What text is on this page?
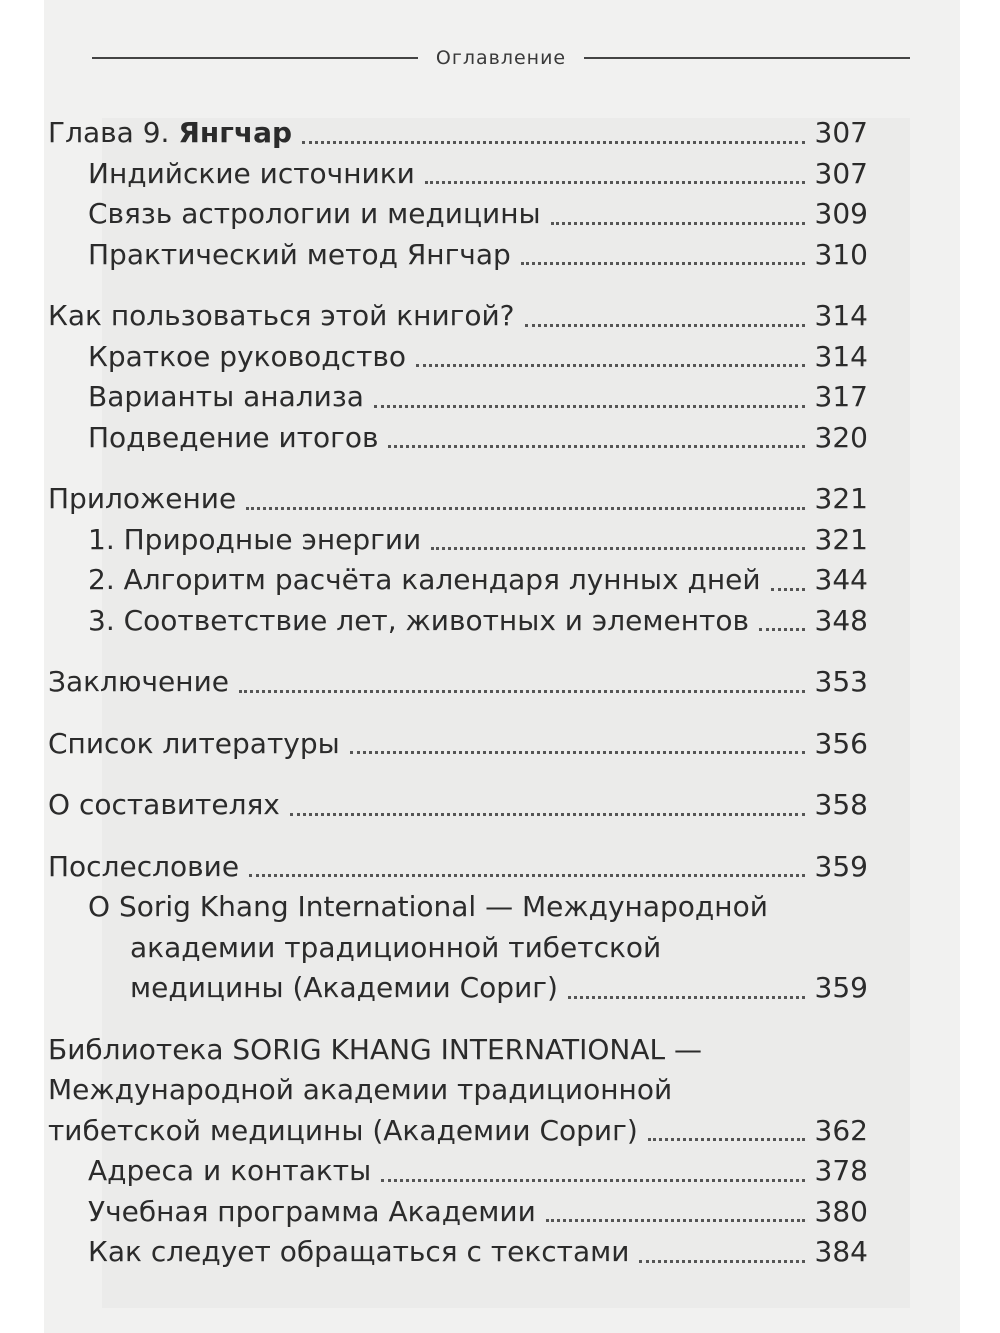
Оглавление
Глава 9. Янгчар	307
Индийские источники	307
Связь астрологии и медицины	309
Практический метод Янгчар	310
Как пользоваться этой книгой?	314
Краткое руководство	314
Варианты анализа	317
Подведение итогов	320
Приложение	321
1. Природные энергии	321
2. Алгоритм расчёта календаря лунных дней 344
3. Соответствие лет, животных и элементов 348
Заключение	353
Список литературы	356
О составителях	358
Послесловие	359
О Sorig Khang International — Международной
академии традиционной тибетской
медицины (Академии Сориг)	359
Библиотека SORIG KHANG INTERNATIONAL —
Международной академии традиционной
тибетской медицины (Академии Сориг)	362
Адреса и контакты	378
Учебная программа Академии	380
Как следует обращаться с текстами	384
